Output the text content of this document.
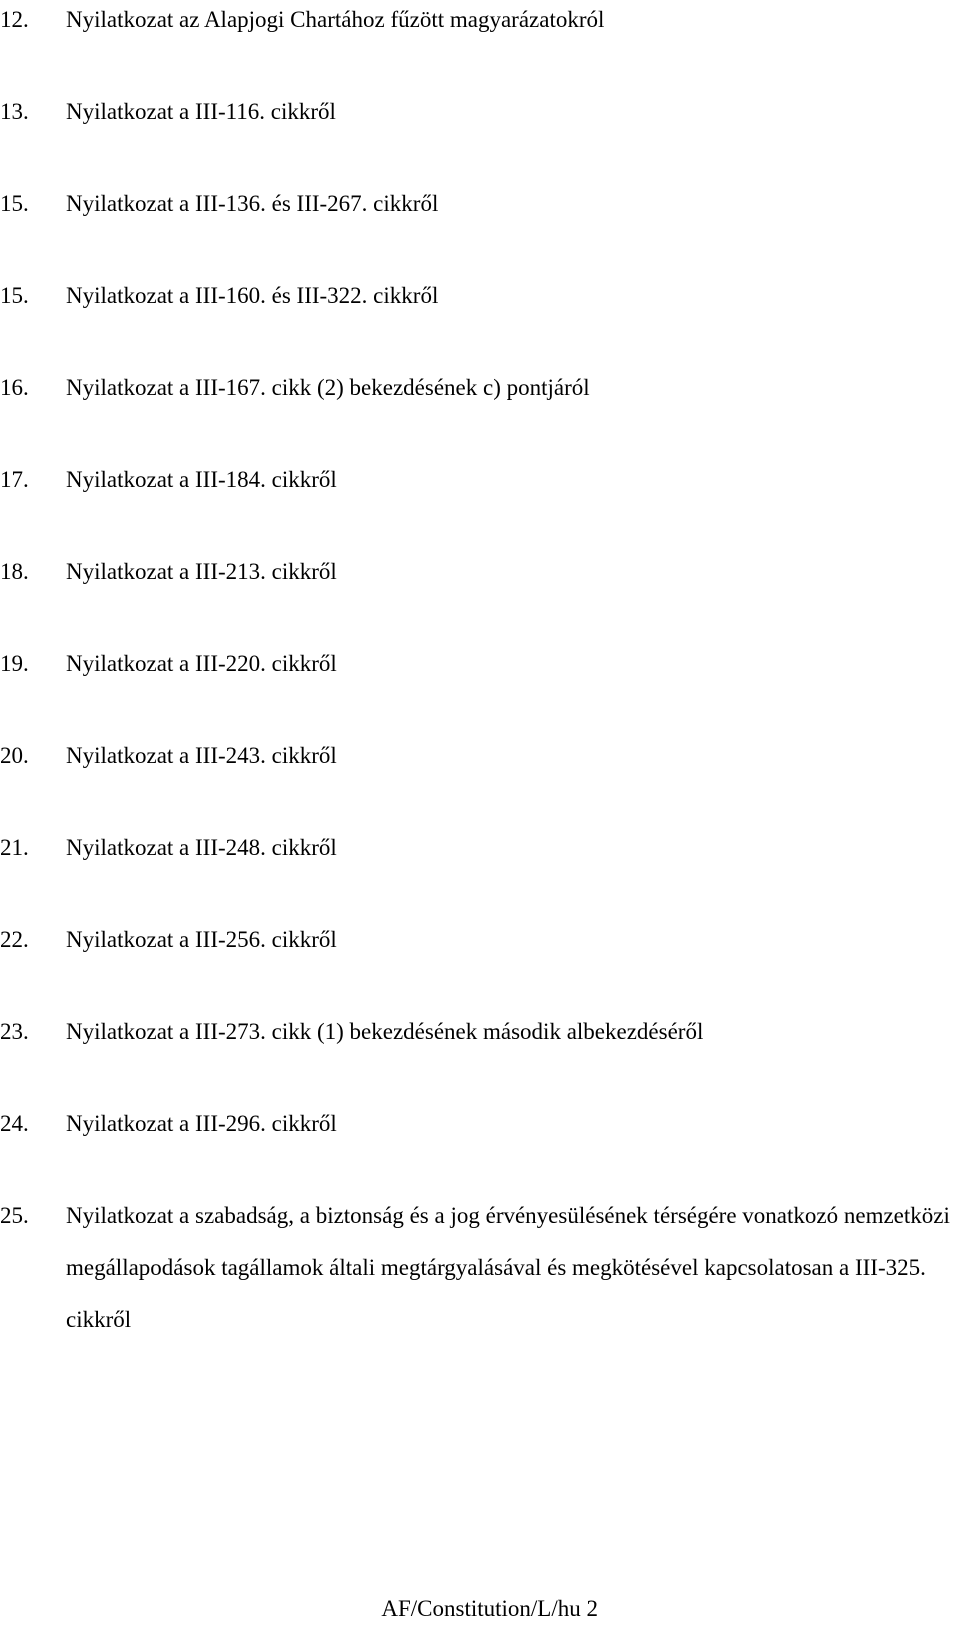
12.	Nyilatkozat az Alapjogi Chartához fűzött magyarázatokról
13.	Nyilatkozat a III-116. cikkről
15.	Nyilatkozat a III-136. és III-267. cikkről
15.	Nyilatkozat a III-160. és III-322. cikkről
16.	Nyilatkozat a III-167. cikk (2) bekezdésének c) pontjáról
17.	Nyilatkozat a III-184. cikkről
18.	Nyilatkozat a III-213. cikkről
19.	Nyilatkozat a III-220. cikkről
20.	Nyilatkozat a III-243. cikkről
21.	Nyilatkozat a III-248. cikkről
22.	Nyilatkozat a III-256. cikkről
23.	Nyilatkozat a III-273. cikk (1) bekezdésének második albekezdéséről
24.	Nyilatkozat a III-296. cikkről
25.	Nyilatkozat a szabadság, a biztonság és a jog érvényesülésének térségére vonatkozó nemzetközi megállapodások tagállamok általi megtárgyalásával és megkötésével kapcsolatosan a III-325. cikkről
AF/Constitution/L/hu 2
